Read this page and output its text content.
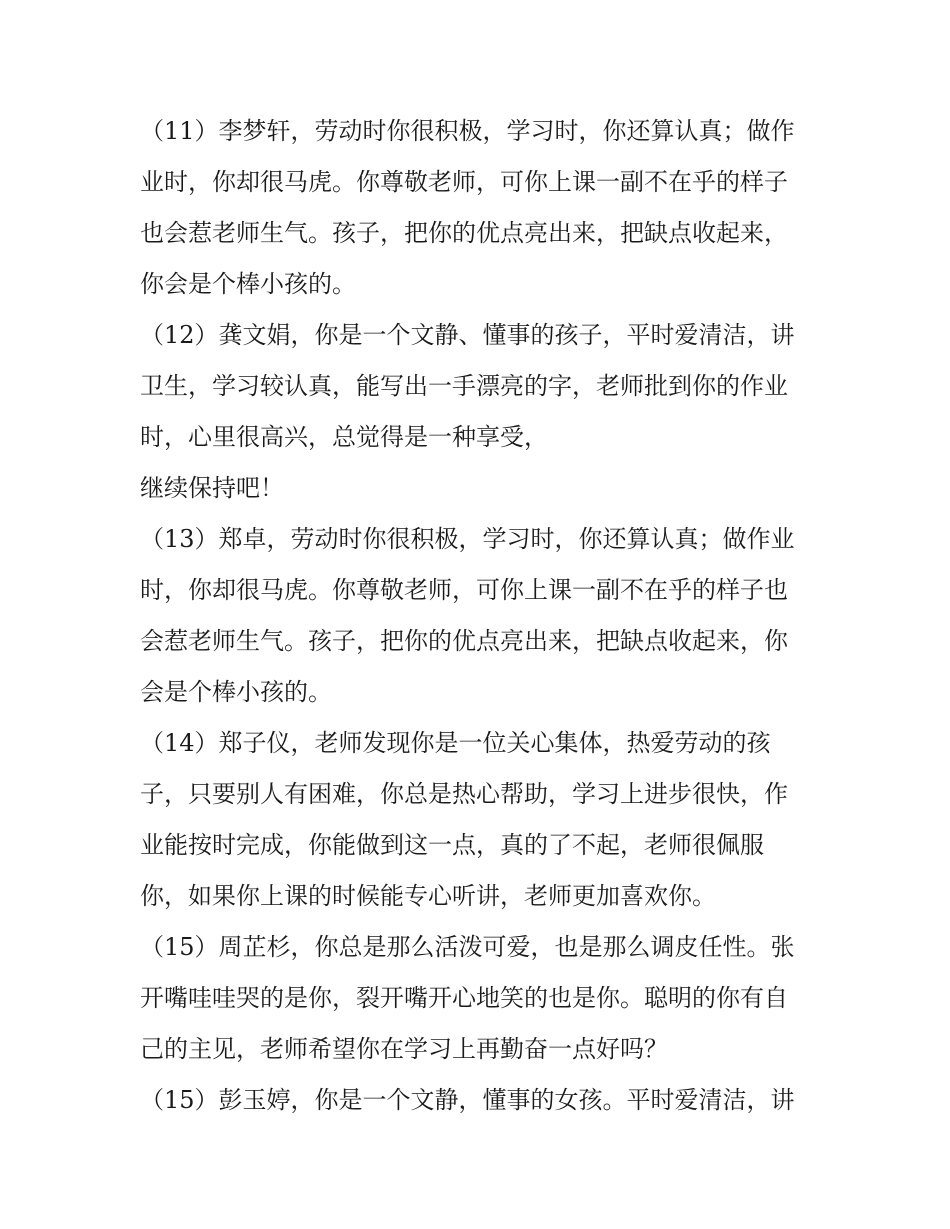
（11）李梦轩，劳动时你很积极，学习时，你还算认真；做作
业时，你却很马虎。你尊敬老师，可你上课一副不在乎的样子
也会惹老师生气。孩子，把你的优点亮出来，把缺点收起来，
你会是个棒小孩的。
（12）龚文娟，你是一个文静、懂事的孩子，平时爱清洁，讲
卫生，学习较认真，能写出一手漂亮的字，老师批到你的作业
时，心里很高兴，总觉得是一种享受，
继续保持吧！
（13）郑卓，劳动时你很积极，学习时，你还算认真；做作业
时，你却很马虎。你尊敬老师，可你上课一副不在乎的样子也
会惹老师生气。孩子，把你的优点亮出来，把缺点收起来，你
会是个棒小孩的。
（14）郑子仪，老师发现你是一位关心集体，热爱劳动的孩
子，只要别人有困难，你总是热心帮助，学习上进步很快，作
业能按时完成，你能做到这一点，真的了不起，老师很佩服
你，如果你上课的时候能专心听讲，老师更加喜欢你。
（15）周芷杉，你总是那么活泼可爱，也是那么调皮任性。张
开嘴哇哇哭的是你，裂开嘴开心地笑的也是你。聪明的你有自
己的主见，老师希望你在学习上再勤奋一点好吗？
（15）彭玉婷，你是一个文静，懂事的女孩。平时爱清洁，讲
